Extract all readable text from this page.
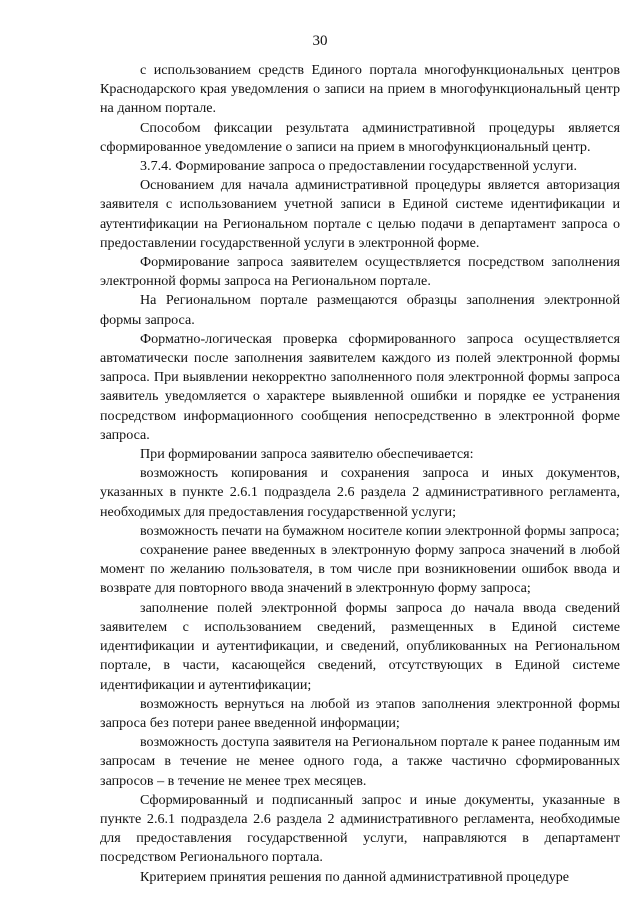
30

с использованием средств Единого портала многофункциональных центров Краснодарского края уведомления о записи на прием в многофункциональный центр на данном портале.

Способом фиксации результата административной процедуры является сформированное уведомление о записи на прием в многофункциональный центр.

3.7.4. Формирование запроса о предоставлении государственной услуги.

Основанием для начала административной процедуры является авторизация заявителя с использованием учетной записи в Единой системе идентификации и аутентификации на Региональном портале с целью подачи в департамент запроса о предоставлении государственной услуги в электронной форме.

Формирование запроса заявителем осуществляется посредством заполнения электронной формы запроса на Региональном портале.

На Региональном портале размещаются образцы заполнения электронной формы запроса.

Форматно-логическая проверка сформированного запроса осуществляется автоматически после заполнения заявителем каждого из полей электронной формы запроса. При выявлении некорректно заполненного поля электронной формы запроса заявитель уведомляется о характере выявленной ошибки и порядке ее устранения посредством информационного сообщения непосредственно в электронной форме запроса.

При формировании запроса заявителю обеспечивается:

возможность копирования и сохранения запроса и иных документов, указанных в пункте 2.6.1 подраздела 2.6 раздела 2 административного регламента, необходимых для предоставления государственной услуги;

возможность печати на бумажном носителе копии электронной формы запроса;

сохранение ранее введенных в электронную форму запроса значений в любой момент по желанию пользователя, в том числе при возникновении ошибок ввода и возврате для повторного ввода значений в электронную форму запроса;

заполнение полей электронной формы запроса до начала ввода сведений заявителем с использованием сведений, размещенных в Единой системе идентификации и аутентификации, и сведений, опубликованных на Региональном портале, в части, касающейся сведений, отсутствующих в Единой системе идентификации и аутентификации;

возможность вернуться на любой из этапов заполнения электронной формы запроса без потери ранее введенной информации;

возможность доступа заявителя на Региональном портале к ранее поданным им запросам в течение не менее одного года, а также частично сформированных запросов – в течение не менее трех месяцев.

Сформированный и подписанный запрос и иные документы, указанные в пункте 2.6.1 подраздела 2.6 раздела 2 административного регламента, необходимые для предоставления государственной услуги, направляются в департамент посредством Регионального портала.

Критерием принятия решения по данной административной процедуре
